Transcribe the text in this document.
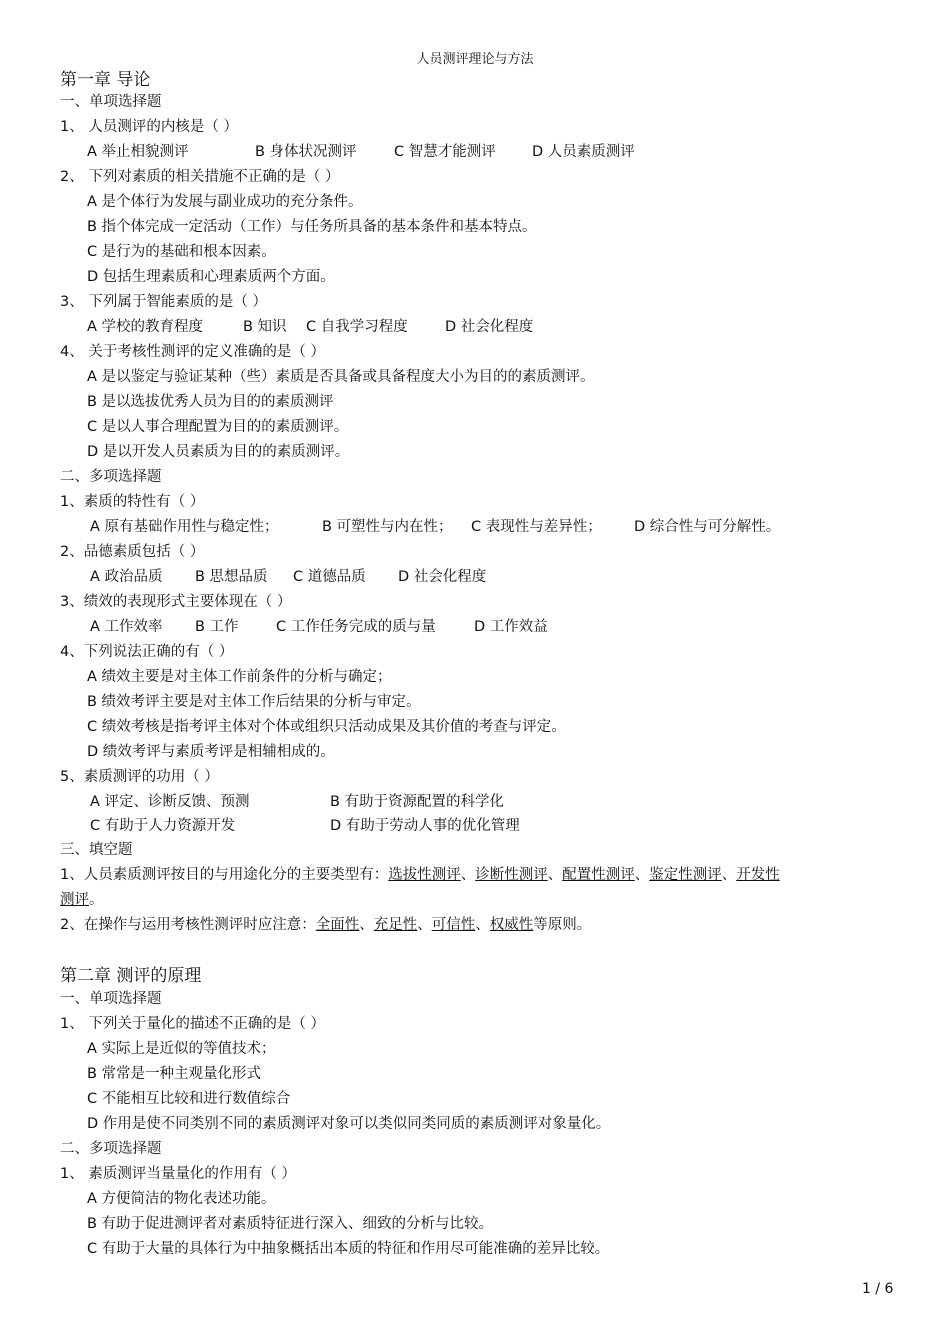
人员测评理论与方法
第一章 导论
一、单项选择题
1、 人员测评的内核是（ ）
A 举止相貌测评	B 身体状况测评	C 智慧才能测评	D 人员素质测评
2、 下列对素质的相关措施不正确的是（ ）
A 是个体行为发展与副业成功的充分条件。
B 指个体完成一定活动（工作）与任务所具备的基本条件和基本特点。
C 是行为的基础和根本因素。
D 包括生理素质和心理素质两个方面。
3、 下列属于智能素质的是（ ）
A 学校的教育程度	B 知识 C 自我学习程度	D 社会化程度
4、 关于考核性测评的定义准确的是（ ）
A 是以鉴定与验证某种（些）素质是否具备或具备程度大小为目的的素质测评。
B 是以选拔优秀人员为目的的素质测评
C 是以人事合理配置为目的的素质测评。
D 是以开发人员素质为目的的素质测评。
二、多项选择题
1、素质的特性有（ ）
A 原有基础作用性与稳定性；	B 可塑性与内在性； C 表现性与差异性； D 综合性与可分解性。
2、品德素质包括（ ）
A 政治品质 B 思想品质 C 道德品质 D 社会化程度
3、绩效的表现形式主要体现在（ ）
A 工作效率 B 工作	C 工作任务完成的质与量	D 工作效益
4、下列说法正确的有（ ）
A 绩效主要是对主体工作前条件的分析与确定；
B 绩效考评主要是对主体工作后结果的分析与审定。
C 绩效考核是指考评主体对个体或组织只活动成果及其价值的考查与评定。
D 绩效考评与素质考评是相辅相成的。
5、素质测评的功用（ ）
A 评定、诊断反馈、预测	B 有助于资源配置的科学化
C 有助于人力资源开发	D 有助于劳动人事的优化管理
三、填空题
1、人员素质测评按目的与用途化分的主要类型有：选拔性测评、诊断性测评、配置性测评、鉴定性测评、开发性
测评。
2、在操作与运用考核性测评时应注意：全面性、充足性、可信性、权威性等原则。
第二章 测评的原理
一、单项选择题
1、 下列关于量化的描述不正确的是（ ）
A 实际上是近似的等值技术；
B 常常是一种主观量化形式
C 不能相互比较和进行数值综合
D 作用是使不同类别不同的素质测评对象可以类似同类同质的素质测评对象量化。
二、多项选择题
1、 素质测评当量量化的作用有（ ）
A 方便简洁的物化表述功能。
B 有助于促进测评者对素质特征进行深入、细致的分析与比较。
C 有助于大量的具体行为中抽象概括出本质的特征和作用尽可能准确的差异比较。
1 / 6
